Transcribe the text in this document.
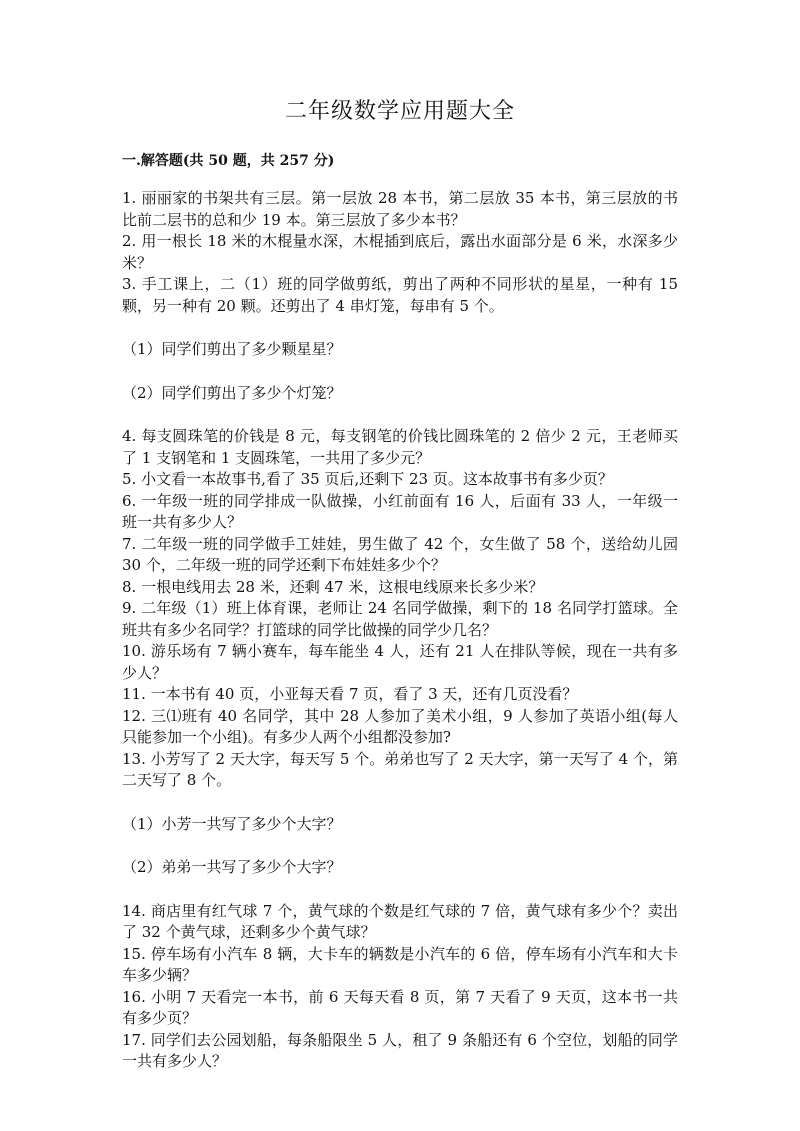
二年级数学应用题大全
一.解答题(共 50 题，共 257 分)

1. 丽丽家的书架共有三层。第一层放 28 本书，第二层放 35 本书，第三层放的书比前二层书的总和少 19 本。第三层放了多少本书？

2. 用一根长 18 米的木棍量水深，木棍插到底后，露出水面部分是 6 米，水深多少米？

3. 手工课上，二（1）班的同学做剪纸，剪出了两种不同形状的星星，一种有 15 颗，另一种有 20 颗。还剪出了 4 串灯笼，每串有 5 个。

（1）同学们剪出了多少颗星星？

（2）同学们剪出了多少个灯笼？

4. 每支圆珠笔的价钱是 8 元，每支钢笔的价钱比圆珠笔的 2 倍少 2 元，王老师买了 1 支钢笔和 1 支圆珠笔，一共用了多少元？

5. 小文看一本故事书,看了 35 页后,还剩下 23 页。这本故事书有多少页？

6. 一年级一班的同学排成一队做操，小红前面有 16 人，后面有 33 人，一年级一班一共有多少人？

7. 二年级一班的同学做手工娃娃，男生做了 42 个，女生做了 58 个，送给幼儿园 30 个，二年级一班的同学还剩下布娃娃多少个？

8. 一根电线用去 28 米，还剩 47 米，这根电线原来长多少米？

9. 二年级（1）班上体育课，老师让 24 名同学做操，剩下的 18 名同学打篮球。全班共有多少名同学？打篮球的同学比做操的同学少几名？

10. 游乐场有 7 辆小赛车，每车能坐 4 人，还有 21 人在排队等候，现在一共有多少人？

11. 一本书有 40 页，小亚每天看 7 页，看了 3 天，还有几页没看？

12. 三⑴班有 40 名同学，其中 28 人参加了美术小组，9 人参加了英语小组(每人只能参加一个小组)。有多少人两个小组都没参加?

13. 小芳写了 2 天大字，每天写 5 个。弟弟也写了 2 天大字，第一天写了 4 个，第二天写了 8 个。

（1）小芳一共写了多少个大字？

（2）弟弟一共写了多少个大字？

14. 商店里有红气球 7 个，黄气球的个数是红气球的 7 倍，黄气球有多少个？卖出了 32 个黄气球，还剩多少个黄气球？

15. 停车场有小汽车 8 辆，大卡车的辆数是小汽车的 6 倍，停车场有小汽车和大卡车多少辆？

16. 小明 7 天看完一本书，前 6 天每天看 8 页，第 7 天看了 9 天页，这本书一共有多少页？

17. 同学们去公园划船，每条船限坐 5 人，租了 9 条船还有 6 个空位，划船的同学一共有多少人？
